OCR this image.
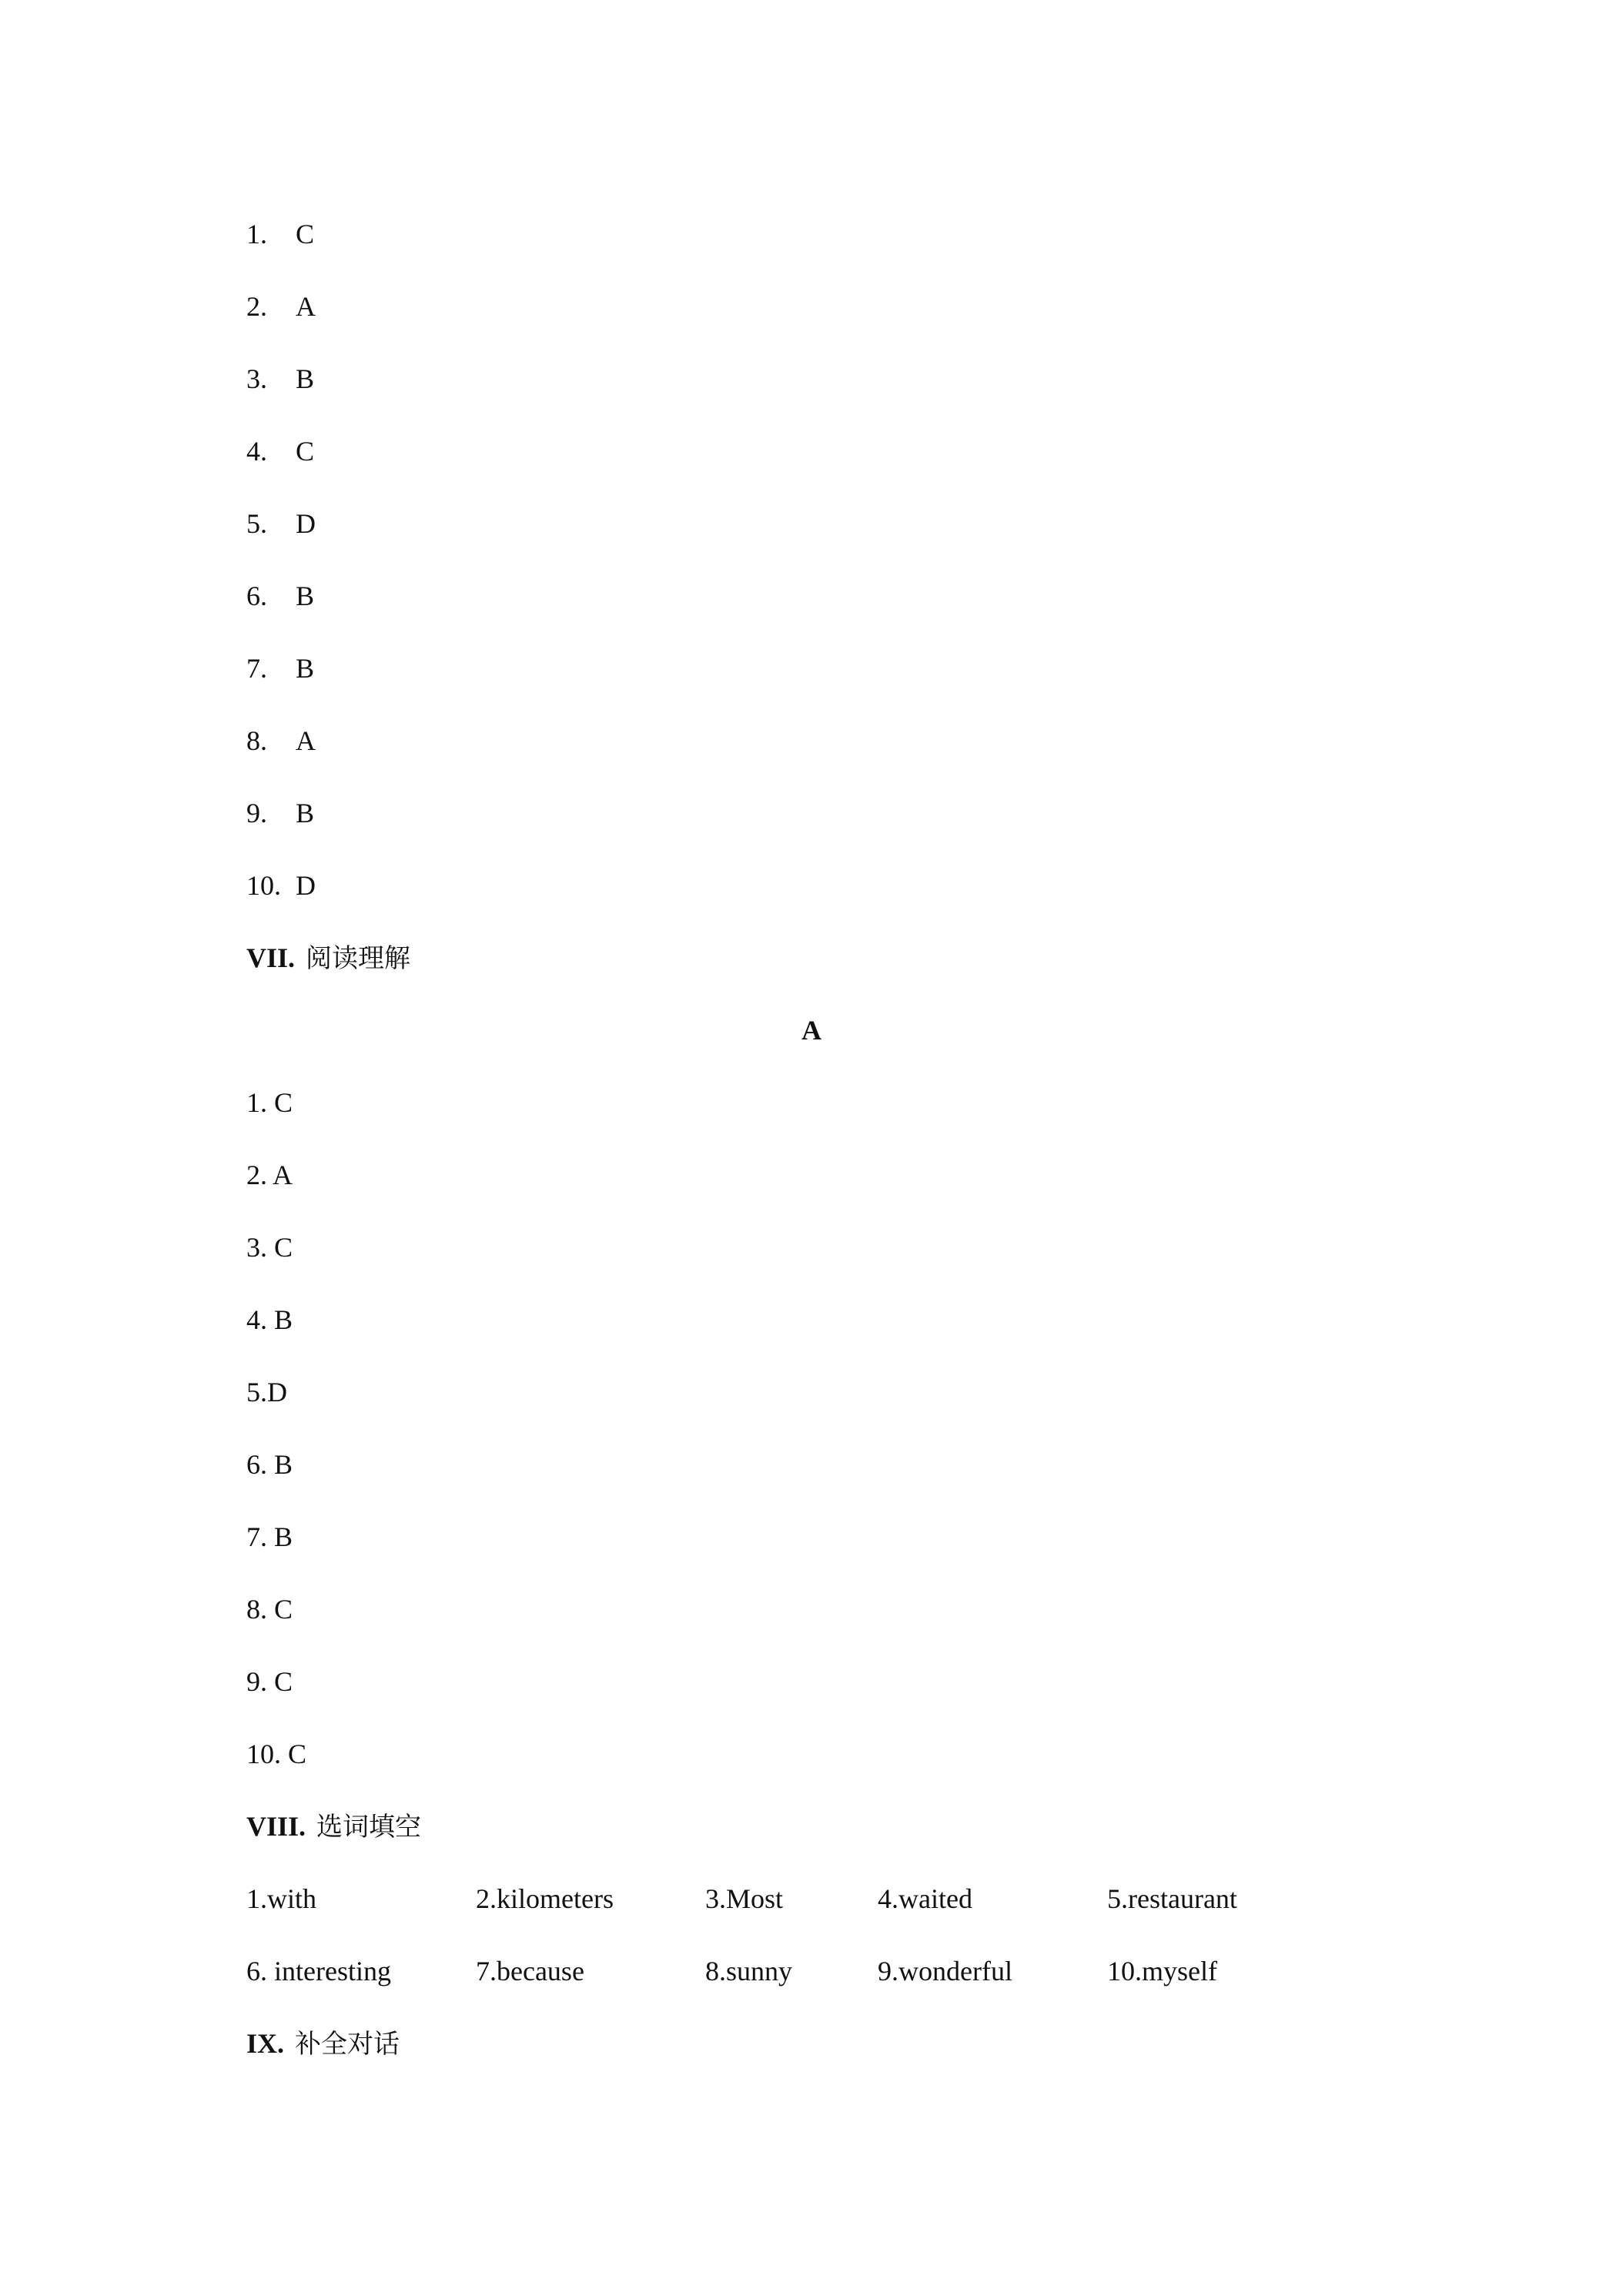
1. C
2. A
3. B
4. C
5. D
6. B
7. B
8. A
9. B
10. D
VII. 阅读理解
A
1. C
2. A
3. C
4. B
5.D
6. B
7. B
8. C
9. C
10. C
VIII. 选词填空
1.with	2.kilometers	3.Most	4.waited	5.restaurant
6. interesting	7.because	8.sunny	9.wonderful	10.myself
IX. 补全对话
